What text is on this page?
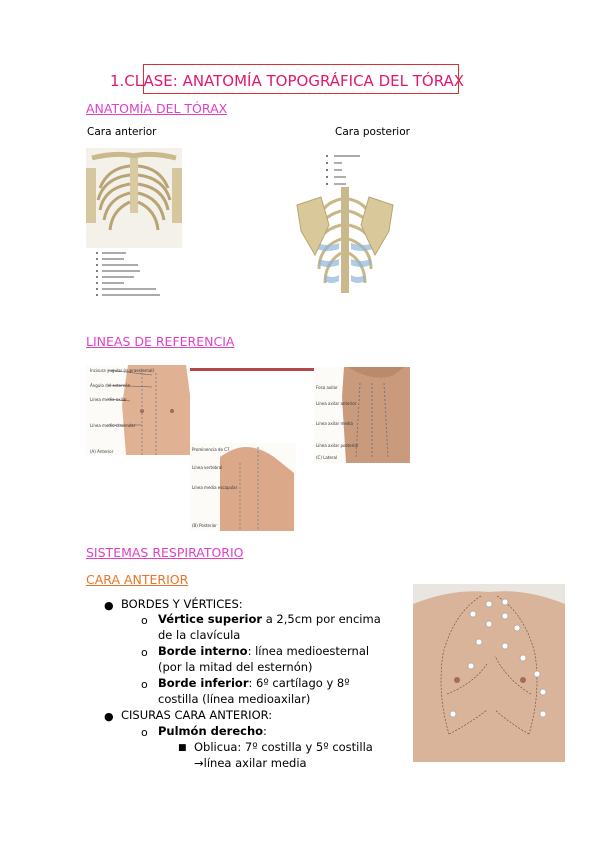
1.CLASE: ANATOMÍA TOPOGRÁFICA DEL TÓRAX
ANATOMÍA DEL TÓRAX
Cara anterior	Cara posterior
LINEAS DE REFERENCIA
Incisura yugular (supraesternal)
Ángulo del esternón
Línea media axilar
Línea medio-clavicular
(A) Anterior
Fosa axilar
Línea axilar anterior
Línea axilar media
Línea axilar posterior
(C) Lateral
Prominencia de C7
Línea vertebral
Línea media escapular
(B) Posterior
SISTEMAS RESPIRATORIO
CARA ANTERIOR
● BORDES Y VÉRTICES:
o Vértice superior a 2,5cm por encima
de la clavícula
o Borde interno: línea medioesternal
(por la mitad del esternón)
o Borde inferior: 6º cartílago y 8º
costilla (línea medioaxilar)
● CISURAS CARA ANTERIOR:
o Pulmón derecho:
■ Oblicua: 7º costilla y 5º costilla
→línea axilar media
